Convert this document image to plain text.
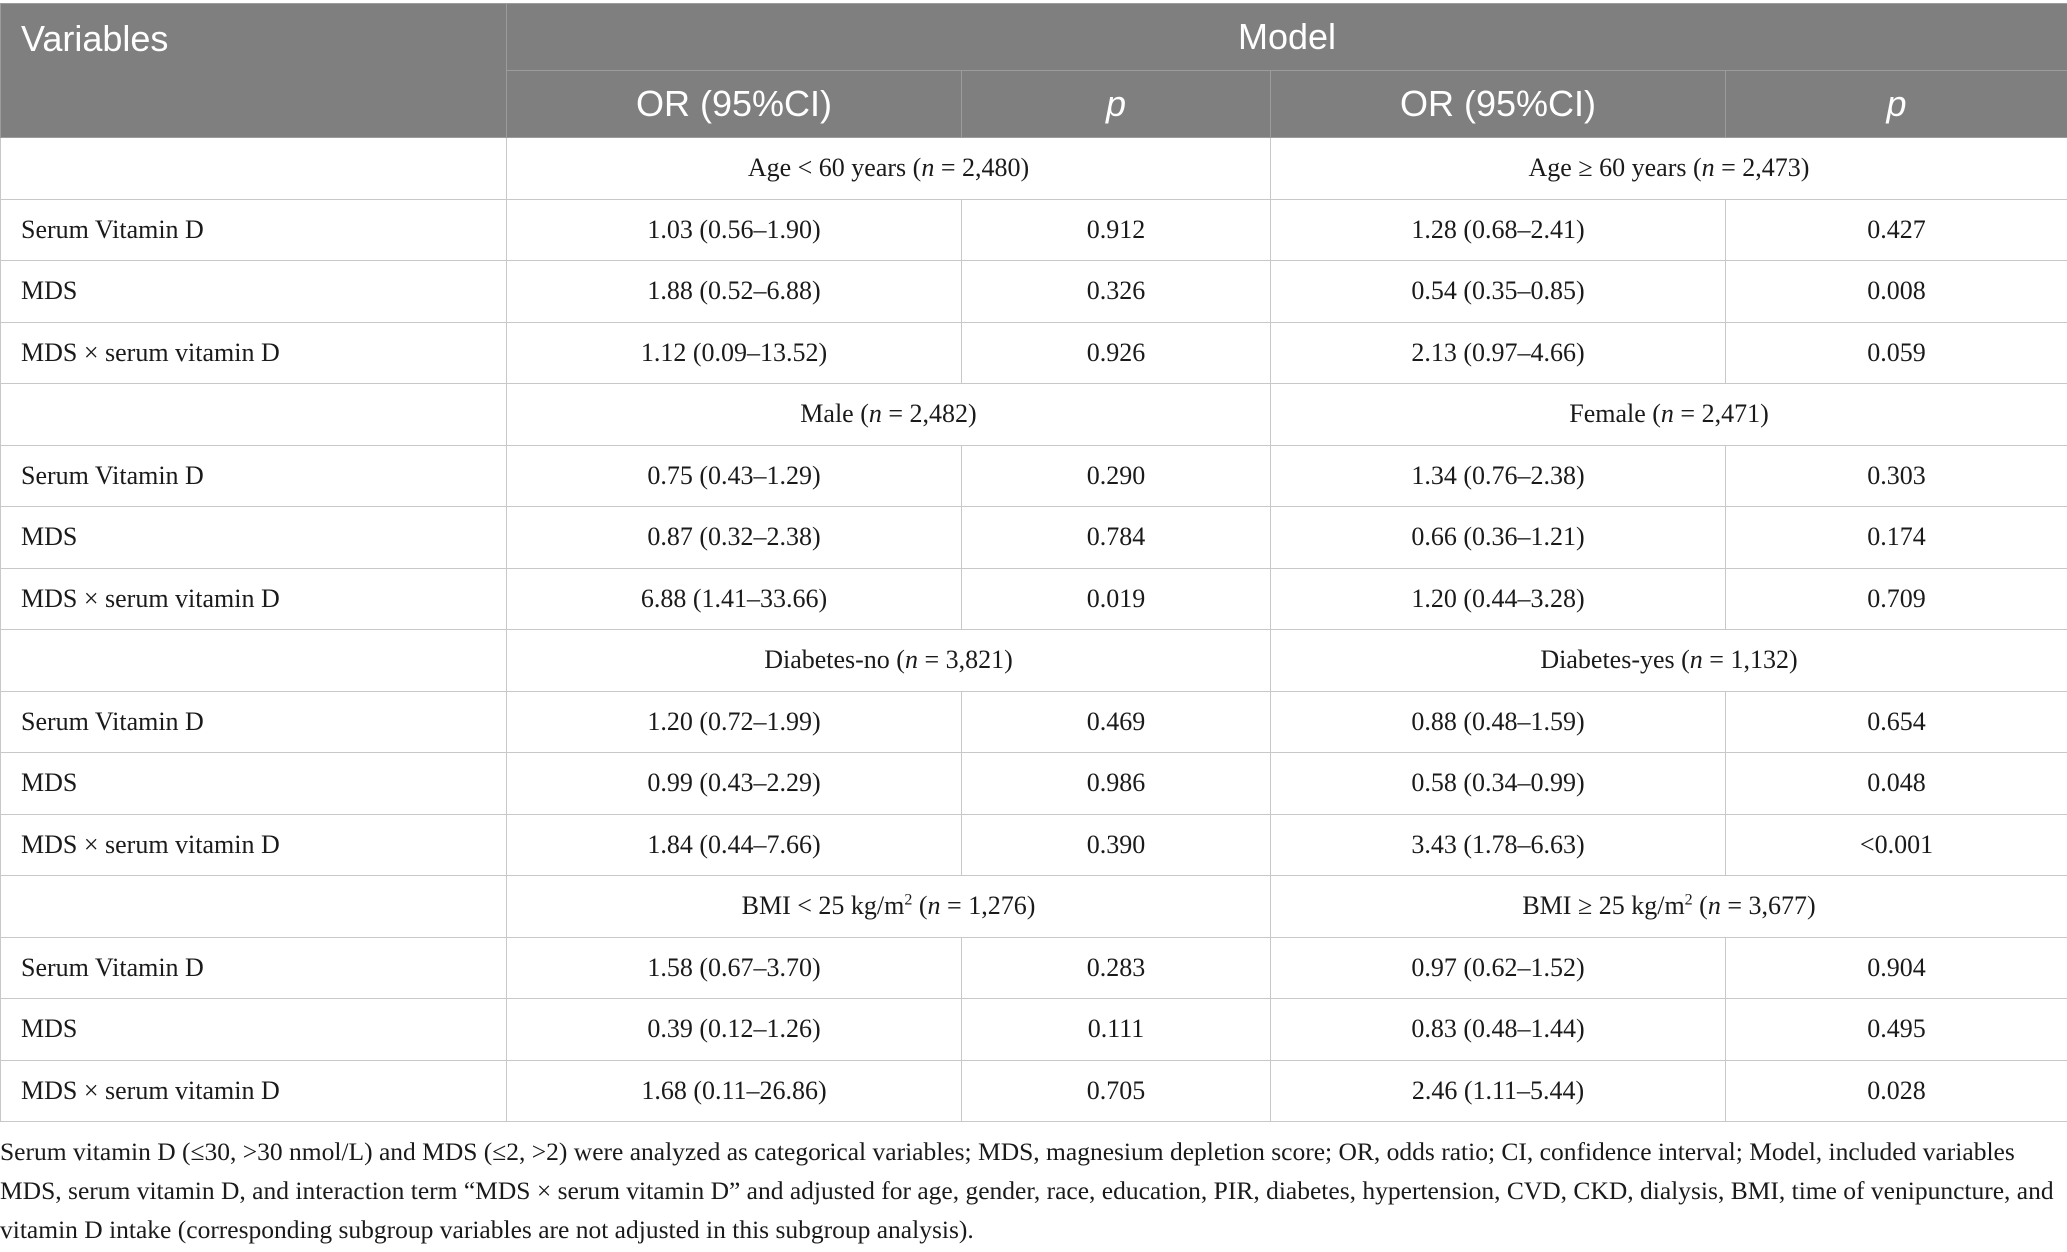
Variables	Model			
	OR (95%CI)	p	OR (95%CI)	p
	Age < 60 years (n = 2,480)		Age ≥ 60 years (n = 2,473)	
Serum Vitamin D	1.03 (0.56–1.90)	0.912	1.28 (0.68–2.41)	0.427
MDS	1.88 (0.52–6.88)	0.326	0.54 (0.35–0.85)	0.008
MDS × serum vitamin D	1.12 (0.09–13.52)	0.926	2.13 (0.97–4.66)	0.059
	Male (n = 2,482)		Female (n = 2,471)	
Serum Vitamin D	0.75 (0.43–1.29)	0.290	1.34 (0.76–2.38)	0.303
MDS	0.87 (0.32–2.38)	0.784	0.66 (0.36–1.21)	0.174
MDS × serum vitamin D	6.88 (1.41–33.66)	0.019	1.20 (0.44–3.28)	0.709
	Diabetes-no (n = 3,821)		Diabetes-yes (n = 1,132)	
Serum Vitamin D	1.20 (0.72–1.99)	0.469	0.88 (0.48–1.59)	0.654
MDS	0.99 (0.43–2.29)	0.986	0.58 (0.34–0.99)	0.048
MDS × serum vitamin D	1.84 (0.44–7.66)	0.390	3.43 (1.78–6.63)	<0.001
	BMI < 25 $kg/m^2$ (n = 1,276)		BMI ≥ 25 $kg/m^2$ (n = 3,677)	
Serum Vitamin D	1.58 (0.67–3.70)	0.283	0.97 (0.62–1.52)	0.904
MDS	0.39 (0.12–1.26)	0.111	0.83 (0.48–1.44)	0.495
MDS × serum vitamin D	1.68 (0.11–26.86)	0.705	2.46 (1.11–5.44)	0.028
Serum vitamin D (≤30, >30 nmol/L) and MDS (≤2, >2) were analyzed as categorical variables; MDS, magnesium depletion score; OR, odds ratio; CI, confidence interval; Model, included variables MDS, serum vitamin D, and interaction term “MDS × serum vitamin D” and adjusted for age, gender, race, education, PIR, diabetes, hypertension, CVD, CKD, dialysis, BMI, time of venipuncture, and vitamin D intake (corresponding subgroup variables are not adjusted in this subgroup analysis).
